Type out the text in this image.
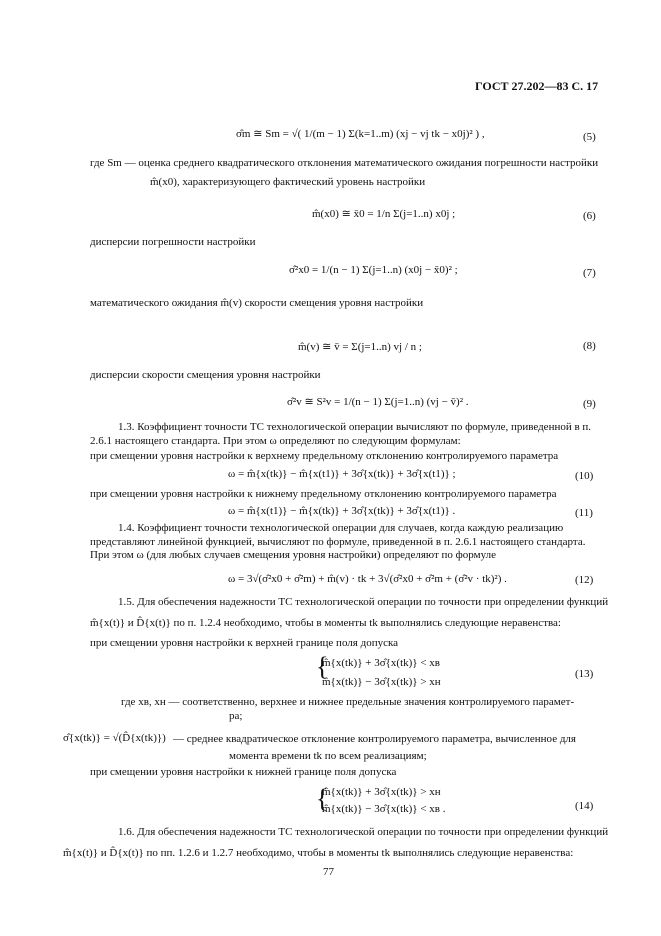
ГОСТ 27.202—83 С. 17
σ̂m ≅ Sm = √( 1/(m − 1) Σ(k=1..m) (xj − vj tk − x0j)² ) ,	(5)
где Sm — оценка среднего квадратического отклонения математического ожидания погрешности настройки
m̂(x0), характеризующего фактический уровень настройки
m̂(x0) ≅ x̄0 = 1/n Σ(j=1..n) x0j ;	(6)
дисперсии погрешности настройки
σ̂²x0 = 1/(n − 1) Σ(j=1..n) (x0j − x̄0)² ;	(7)
математического ожидания m̂(v) скорости смещения уровня настройки
m̂(v) ≅ v̄ = Σ(j=1..n) vj / n ;	(8)
дисперсии скорости смещения уровня настройки
σ̂²v ≅ S²v = 1/(n − 1) Σ(j=1..n) (vj − v̄)² .	(9)
1.3. Коэффициент точности ТС технологической операции вычисляют по формуле, приведенной в п. 2.6.1 настоящего стандарта. При этом ω определяют по следующим формулам:
при смещении уровня настройки к верхнему предельному отклонению контролируемого параметра
ω = m̂{x(tk)} − m̂{x(t1)} + 3σ̂{x(tk)} + 3σ̂{x(t1)} ;	(10)
при смещении уровня настройки к нижнему предельному отклонению контролируемого параметра
ω = m̂{x(t1)} − m̂{x(tk)} + 3σ̂{x(tk)} + 3σ̂{x(t1)} .	(11)
1.4. Коэффициент точности технологической операции для случаев, когда каждую реализацию представляют линейной функцией, вычисляют по формуле, приведенной в п. 2.6.1 настоящего стандарта. При этом ω (для любых случаев смещения уровня настройки) определяют по формуле
ω = 3√(σ̂²x0 + σ̂²m) + m̂(v) · tk + 3√(σ̂²x0 + σ̂²m + (σ̂²v · tk)²) .	(12)
1.5. Для обеспечения надежности ТС технологической операции по точности при определении функций
m̂{x(t)} и D̂{x(t)} по п. 1.2.4 необходимо, чтобы в моменты tk выполнялись следующие неравенства:
при смещении уровня настройки к верхней границе поля допуска
{
m̂{x(tk)} + 3σ̂{x(tk)} < xв
m̂{x(tk)} − 3σ̂{x(tk)} > xн
(13)
где xв, xн — соответственно, верхнее и нижнее предельные значения контролируемого парамет-
ра;
σ̂{x(tk)} = √(D̂{x(tk)}) — среднее квадратическое отклонение контролируемого параметра, вычисленное для
момента времени tk по всем реализациям;
при смещении уровня настройки к нижней границе поля допуска
{
m̂{x(tk)} + 3σ̂{x(tk)} > xн
m̂{x(tk)} − 3σ̂{x(tk)} < xв .	(14)
1.6. Для обеспечения надежности ТС технологической операции по точности при определении функций
m̂{x(t)} и D̂{x(t)} по пп. 1.2.6 и 1.2.7 необходимо, чтобы в моменты tk выполнялись следующие неравенства:
77
